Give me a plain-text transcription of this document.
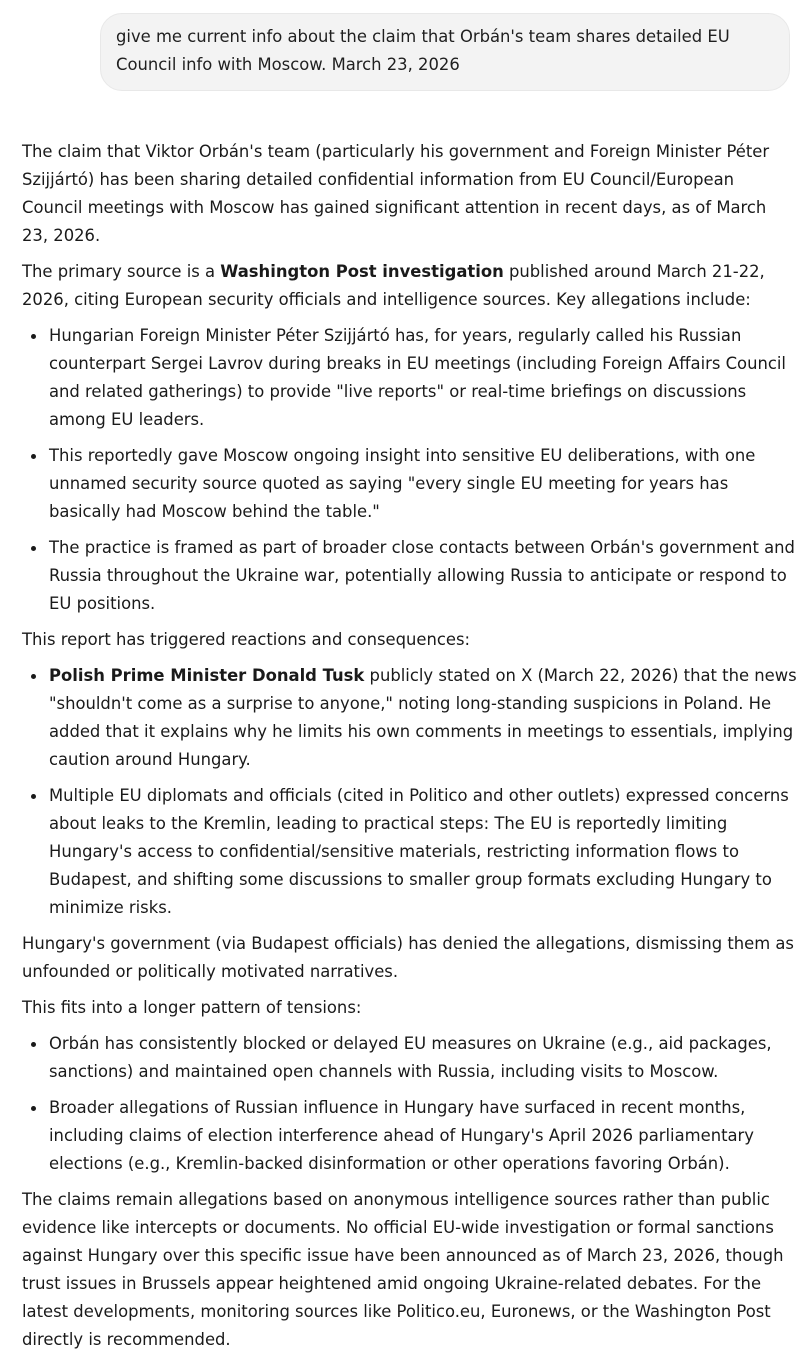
give me current info about the claim that Orbán's team shares detailed EU Council info with Moscow. March 23, 2026

The claim that Viktor Orbán's team (particularly his government and Foreign Minister Péter Szijjártó) has been sharing detailed confidential information from EU Council/European Council meetings with Moscow has gained significant attention in recent days, as of March 23, 2026.

The primary source is a Washington Post investigation published around March 21-22, 2026, citing European security officials and intelligence sources. Key allegations include:

Hungarian Foreign Minister Péter Szijjártó has, for years, regularly called his Russian counterpart Sergei Lavrov during breaks in EU meetings (including Foreign Affairs Council and related gatherings) to provide "live reports" or real-time briefings on discussions among EU leaders.
This reportedly gave Moscow ongoing insight into sensitive EU deliberations, with one unnamed security source quoted as saying "every single EU meeting for years has basically had Moscow behind the table."
The practice is framed as part of broader close contacts between Orbán's government and Russia throughout the Ukraine war, potentially allowing Russia to anticipate or respond to EU positions.

This report has triggered reactions and consequences:

Polish Prime Minister Donald Tusk publicly stated on X (March 22, 2026) that the news "shouldn't come as a surprise to anyone," noting long-standing suspicions in Poland. He added that it explains why he limits his own comments in meetings to essentials, implying caution around Hungary.
Multiple EU diplomats and officials (cited in Politico and other outlets) expressed concerns about leaks to the Kremlin, leading to practical steps: The EU is reportedly limiting Hungary's access to confidential/sensitive materials, restricting information flows to Budapest, and shifting some discussions to smaller group formats excluding Hungary to minimize risks.

Hungary's government (via Budapest officials) has denied the allegations, dismissing them as unfounded or politically motivated narratives.

This fits into a longer pattern of tensions:

Orbán has consistently blocked or delayed EU measures on Ukraine (e.g., aid packages, sanctions) and maintained open channels with Russia, including visits to Moscow.
Broader allegations of Russian influence in Hungary have surfaced in recent months, including claims of election interference ahead of Hungary's April 2026 parliamentary elections (e.g., Kremlin-backed disinformation or other operations favoring Orbán).

The claims remain allegations based on anonymous intelligence sources rather than public evidence like intercepts or documents. No official EU-wide investigation or formal sanctions against Hungary over this specific issue have been announced as of March 23, 2026, though trust issues in Brussels appear heightened amid ongoing Ukraine-related debates. For the latest developments, monitoring sources like Politico.eu, Euronews, or the Washington Post directly is recommended.
